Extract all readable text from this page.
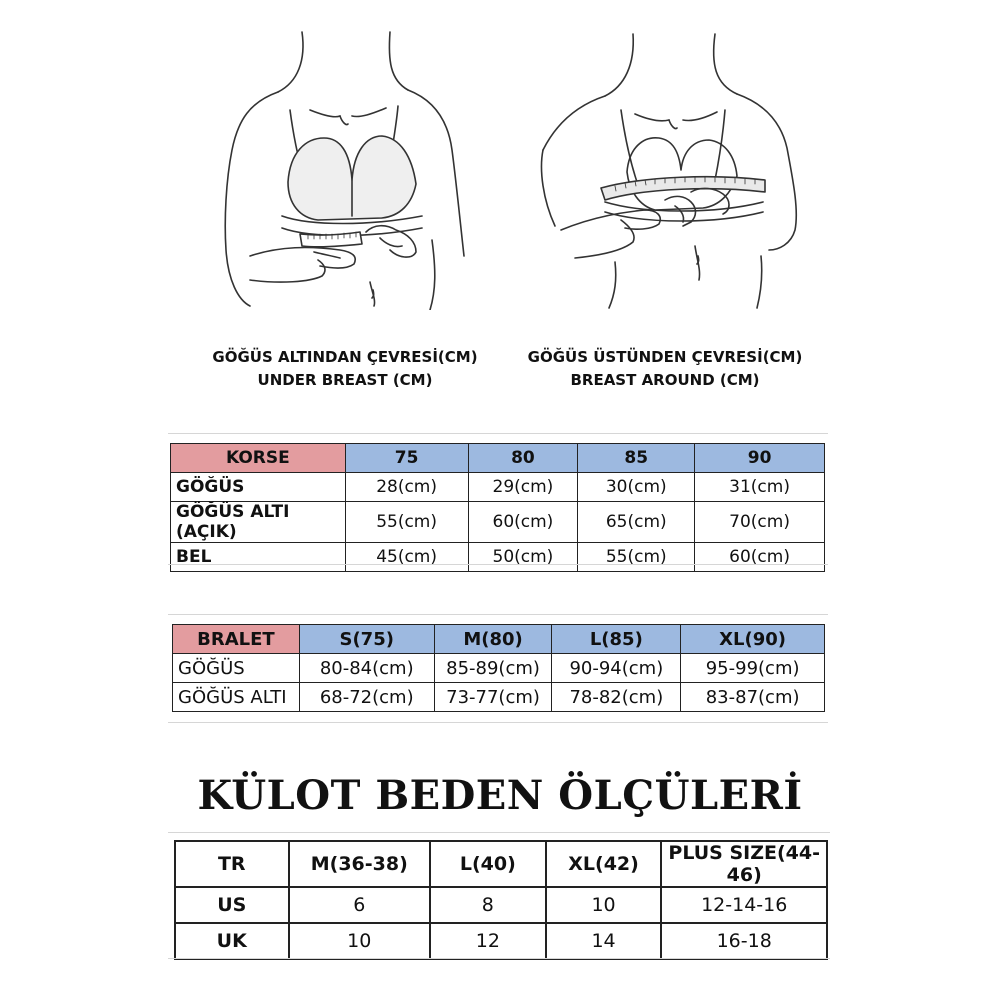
GÖĞÜS ALTINDAN ÇEVRESİ(CM)
UNDER BREAST (CM)
GÖĞÜS ÜSTÜNDEN ÇEVRESİ(CM)
BREAST AROUND (CM)
KORSE	75	80	85	90
GÖĞÜS	28(cm)	29(cm)	30(cm)	31(cm)
GÖĞÜS ALTI (AÇIK)	55(cm)	60(cm)	65(cm)	70(cm)
BEL	45(cm)	50(cm)	55(cm)	60(cm)
BRALET	S(75)	M(80)	L(85)	XL(90)
GÖĞÜS	80-84(cm)	85-89(cm)	90-94(cm)	95-99(cm)
GÖĞÜS ALTI	68-72(cm)	73-77(cm)	78-82(cm)	83-87(cm)
KÜLOT BEDEN ÖLÇÜLERİ
TR	M(36-38)	L(40)	XL(42)	PLUS SIZE(44-46)
US	6	8	10	12-14-16
UK	10	12	14	16-18
